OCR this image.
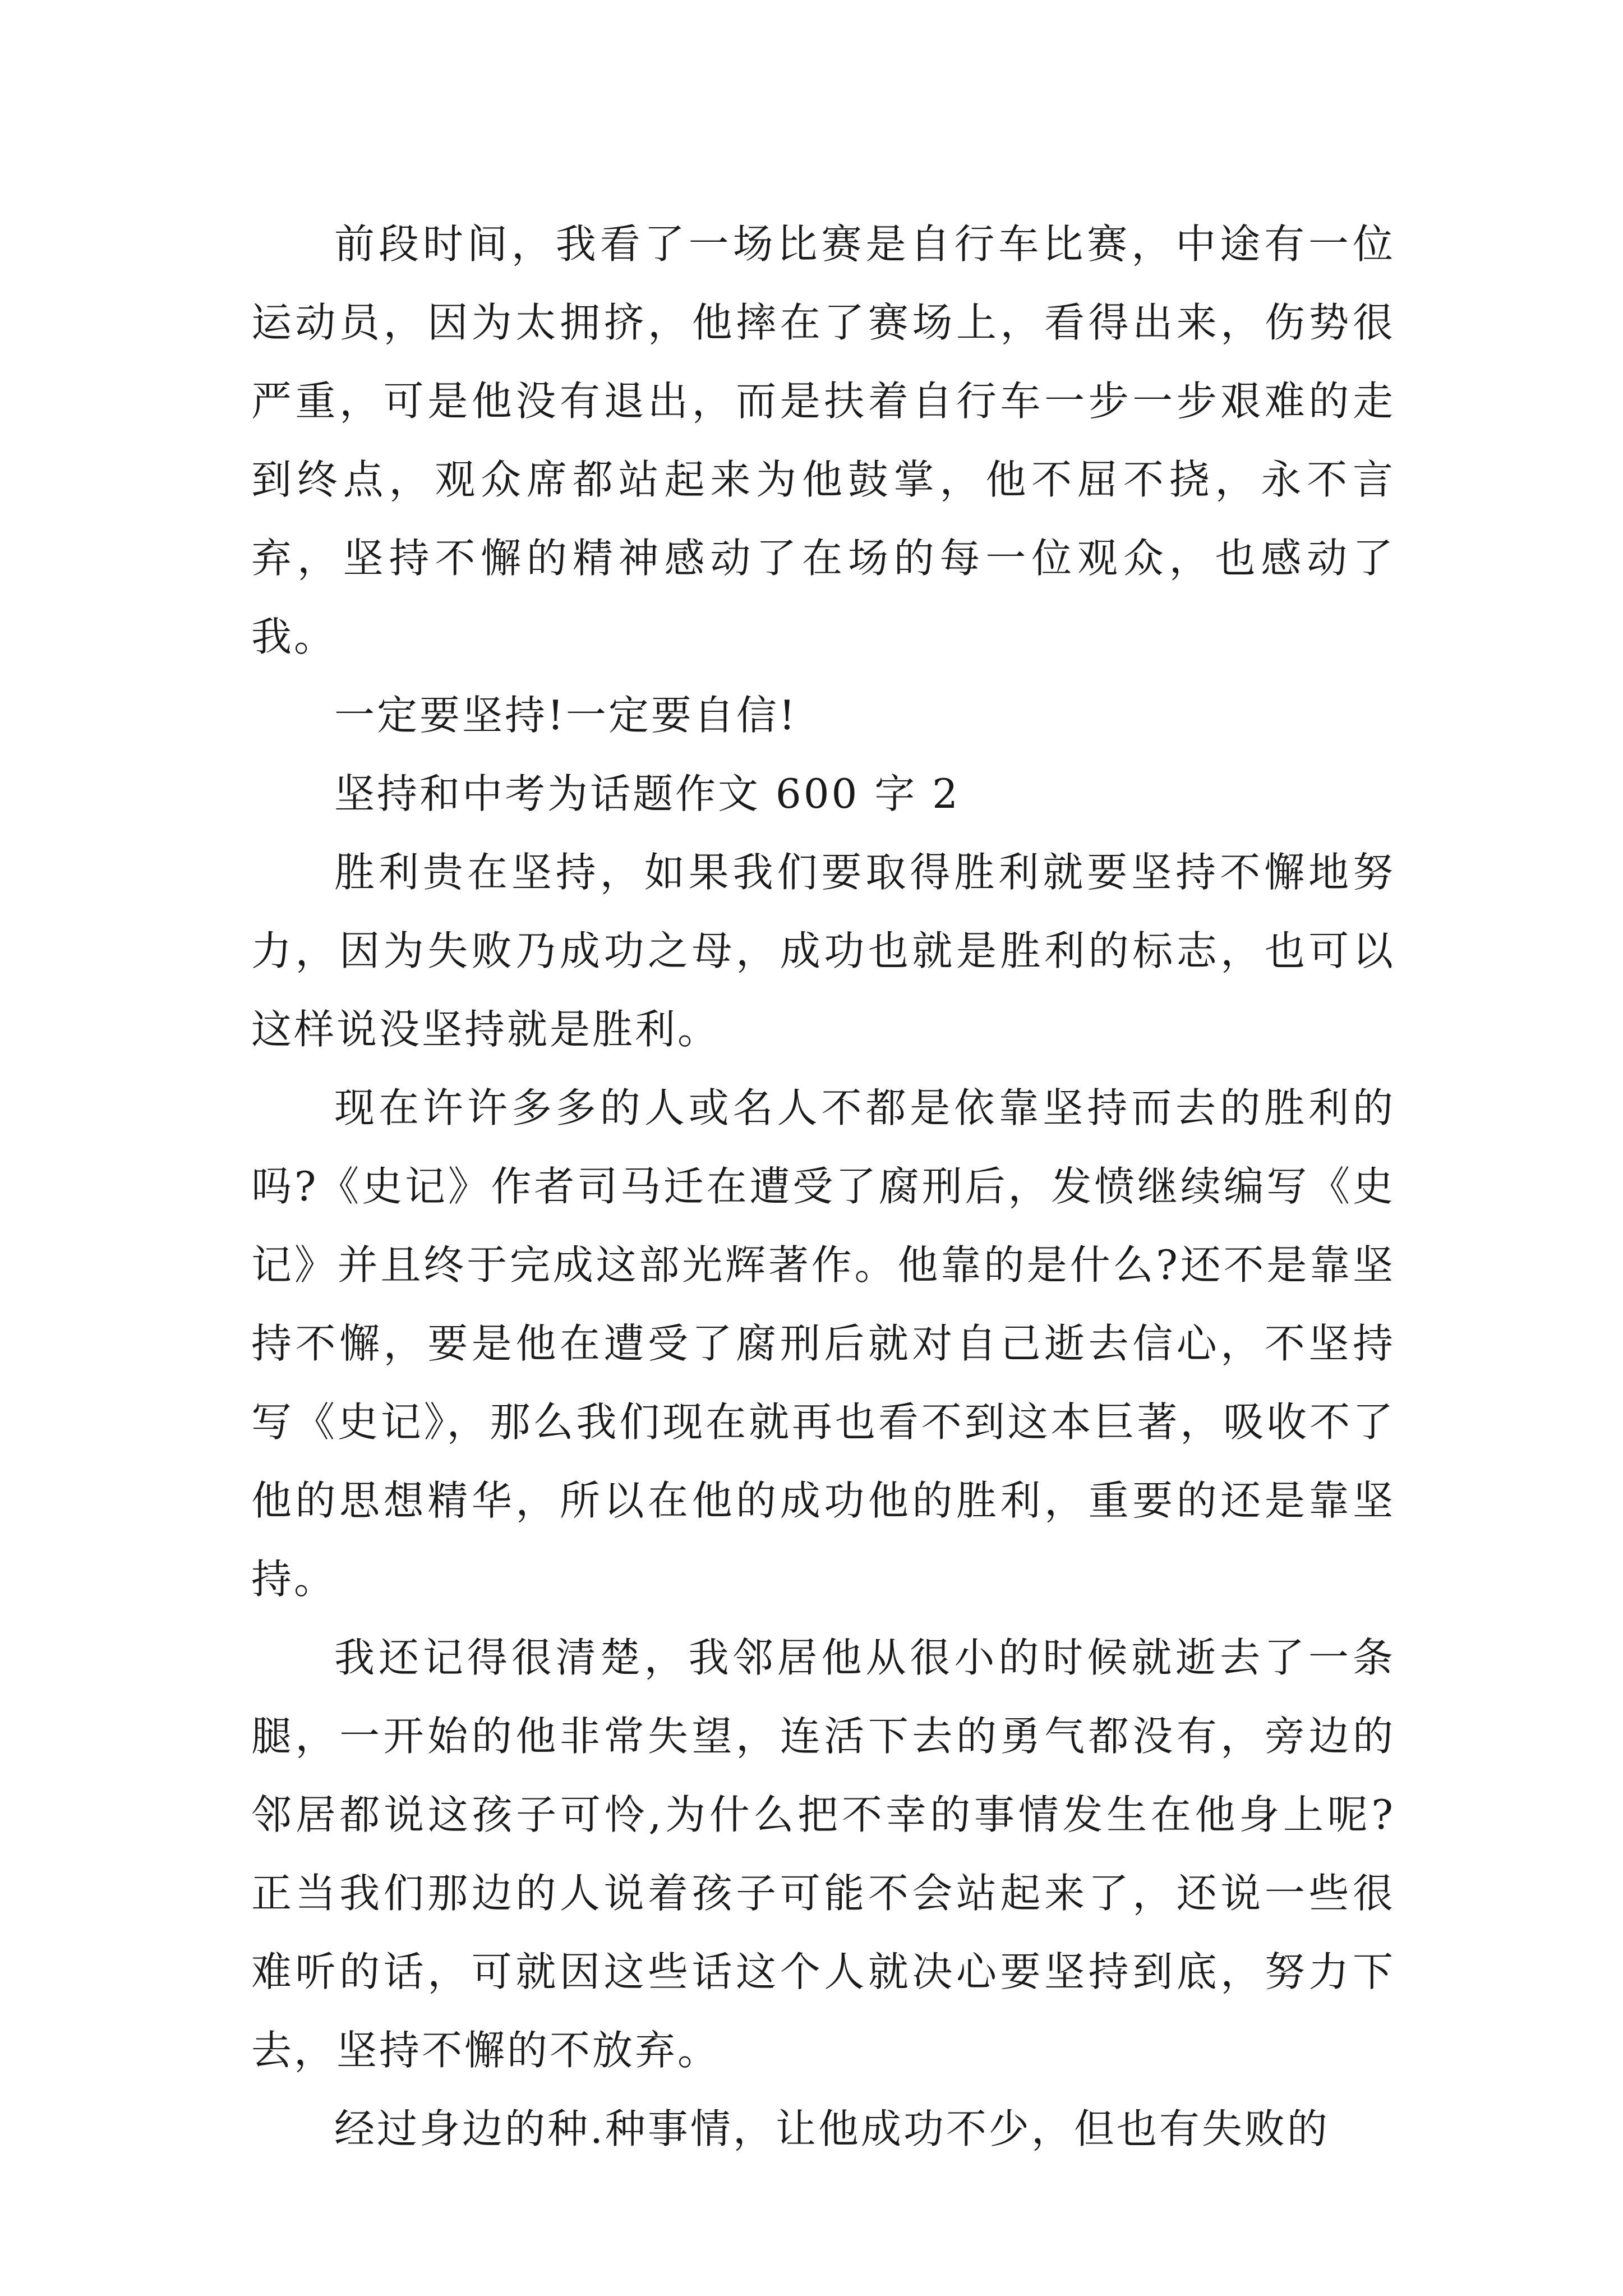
前段时间，我看了一场比赛是自行车比赛，中途有一位运动员，因为太拥挤，他摔在了赛场上，看得出来，伤势很严重，可是他没有退出，而是扶着自行车一步一步艰难的走到终点，观众席都站起来为他鼓掌，他不屈不挠，永不言弃，坚持不懈的精神感动了在场的每一位观众，也感动了我。

一定要坚持!一定要自信!

坚持和中考为话题作文 600 字 2

胜利贵在坚持，如果我们要取得胜利就要坚持不懈地努力，因为失败乃成功之母，成功也就是胜利的标志，也可以这样说没坚持就是胜利。

现在许许多多的人或名人不都是依靠坚持而去的胜利的吗?《史记》作者司马迁在遭受了腐刑后，发愤继续编写《史记》并且终于完成这部光辉著作。他靠的是什么?还不是靠坚持不懈，要是他在遭受了腐刑后就对自己逝去信心，不坚持写《史记》，那么我们现在就再也看不到这本巨著，吸收不了他的思想精华，所以在他的成功他的胜利，重要的还是靠坚持。

我还记得很清楚，我邻居他从很小的时候就逝去了一条腿，一开始的他非常失望，连活下去的勇气都没有，旁边的邻居都说这孩子可怜,为什么把不幸的事情发生在他身上呢?正当我们那边的人说着孩子可能不会站起来了，还说一些很难听的话，可就因这些话这个人就决心要坚持到底，努力下去，坚持不懈的不放弃。

经过身边的种.种事情，让他成功不少，但也有失败的
